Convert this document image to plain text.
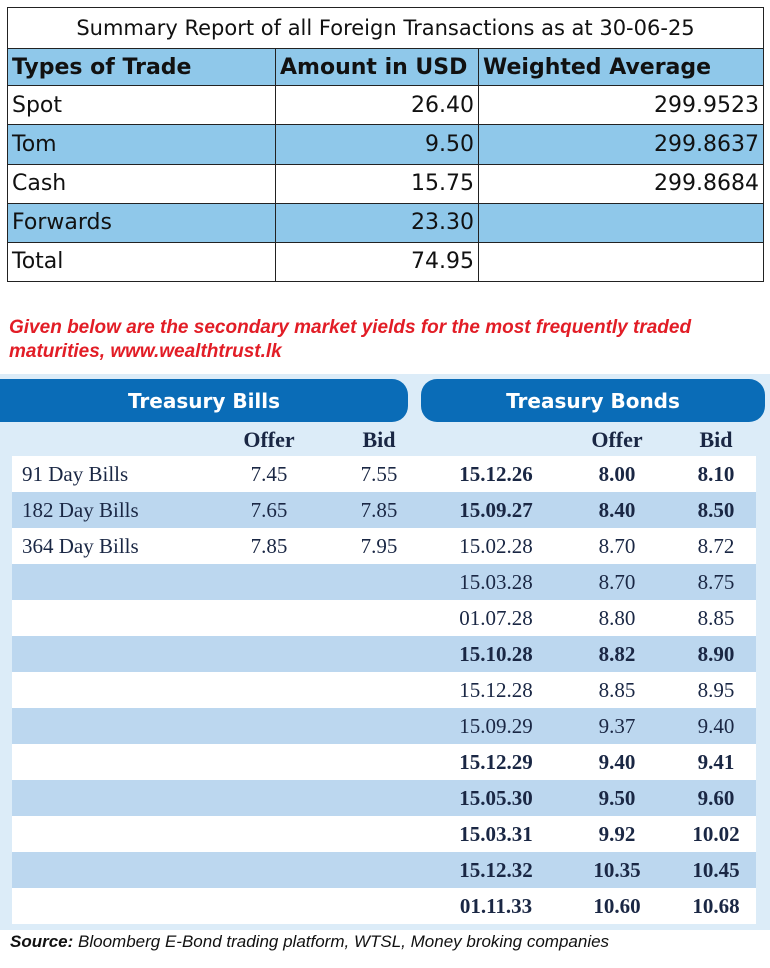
Summary Report of all Foreign Transactions as at 30-06-25		
Types of Trade	Amount in USD	Weighted Average
Spot	26.40	299.9523
Tom	9.50	299.8637
Cash	15.75	299.8684
Forwards	23.30	
Total	74.95	
Given below are the secondary market yields for the most frequently traded maturities, www.wealthtrust.lk
Treasury Bills	Treasury Bonds
	Offer	Bid		Offer	Bid
91 Day Bills	7.45	7.55	15.12.26	8.00	8.10
182 Day Bills	7.65	7.85	15.09.27	8.40	8.50
364 Day Bills	7.85	7.95	15.02.28	8.70	8.72
			15.03.28	8.70	8.75
			01.07.28	8.80	8.85
			15.10.28	8.82	8.90
			15.12.28	8.85	8.95
			15.09.29	9.37	9.40
			15.12.29	9.40	9.41
			15.05.30	9.50	9.60
			15.03.31	9.92	10.02
			15.12.32	10.35	10.45
			01.11.33	10.60	10.68
Source: Bloomberg E-Bond trading platform, WTSL, Money broking companies
